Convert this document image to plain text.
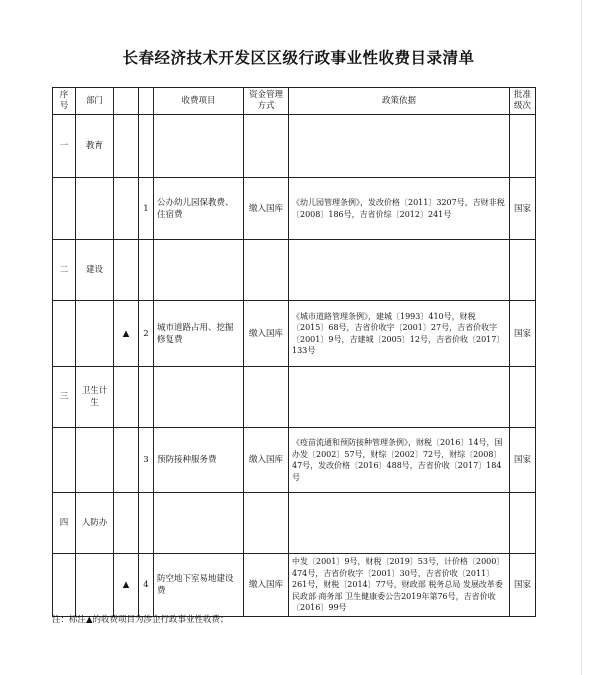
长春经济技术开发区区级行政事业性收费目录清单
序号	部门			收费项目	资金管理方式	政策依据	批准级次
一	教育						
			1	公办幼儿园保教费、住宿费	缴入国库	《幼儿园管理条例》，发改价格〔2011〕3207号，吉财非税〔2008〕186号，吉省价综〔2012〕241号	国家
二	建设						
		▲	2	城市道路占用、挖掘修复费	缴入国库	《城市道路管理条例》，建城〔1993〕410号，财税〔2015〕68号，吉省价收字〔2001〕27号，吉省价收字〔2001〕9号，吉建城〔2005〕12号，吉省价收〔2017〕133号	国家
三	卫生计生						
			3	预防接种服务费	缴入国库	《疫苗流通和预防接种管理条例》，财税〔2016〕14号，国办发〔2002〕57号，财综〔2002〕72号，财综〔2008〕47号，发改价格〔2016〕488号，吉省价收〔2017〕184号	国家
四	人防办						
		▲	4	防空地下室易地建设费	缴入国库	中发〔2001〕9号，财税〔2019〕53号，计价格〔2000〕474号，吉省价收字〔2001〕30号，吉省价收〔2011〕261号，财税〔2014〕77号，财政部 税务总局 发展改革委 民政部 商务部 卫生健康委公告2019年第76号，吉省价收〔2016〕99号	国家
注：标注▲的收费项目为涉企行政事业性收费；
